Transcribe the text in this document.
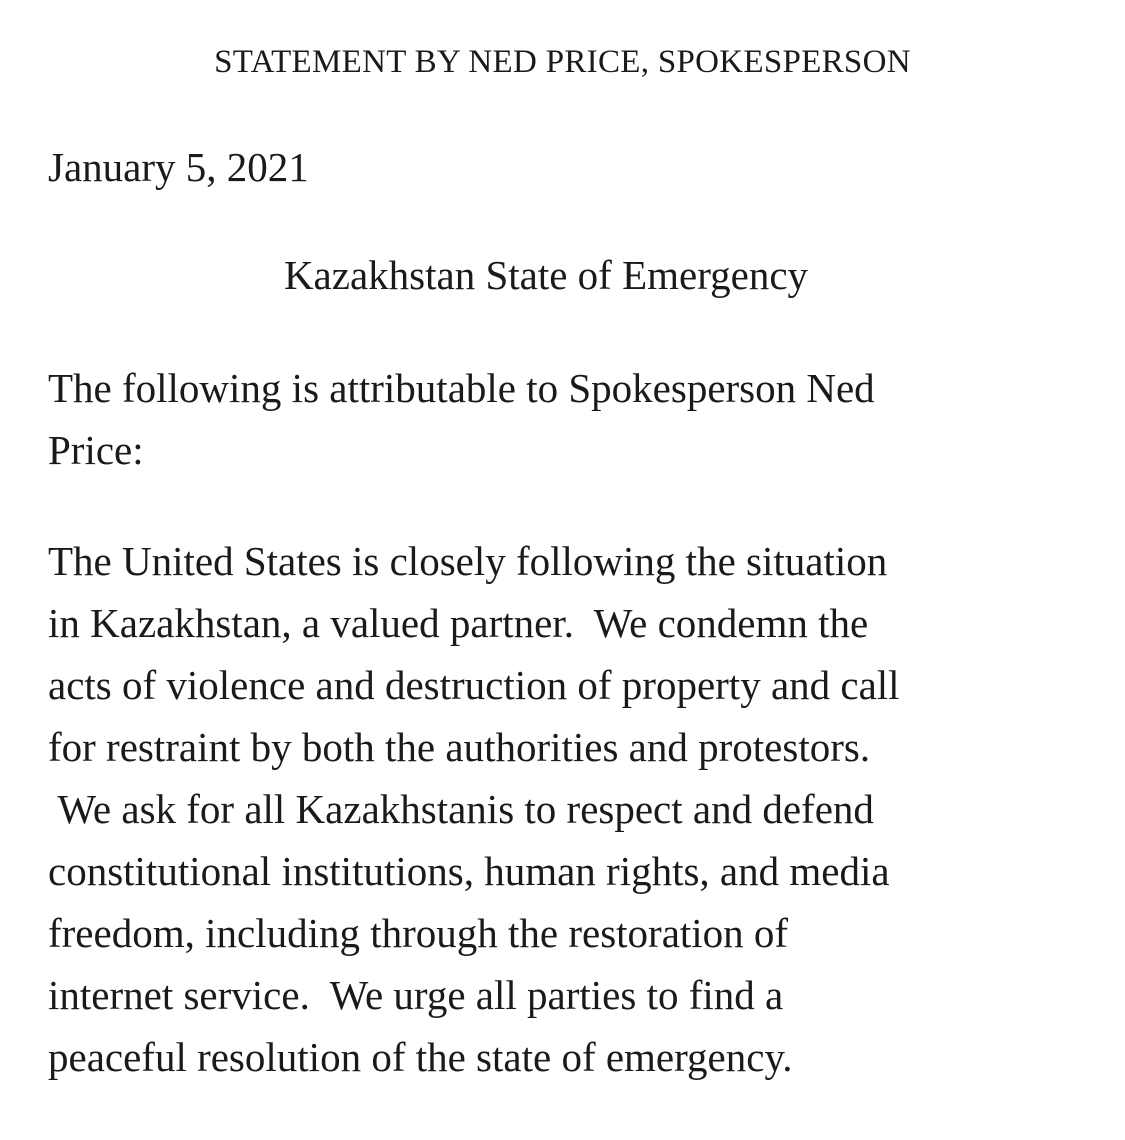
STATEMENT BY NED PRICE, SPOKESPERSON
January 5, 2021
Kazakhstan State of Emergency

The following is attributable to Spokesperson Ned
Price:

The United States is closely following the situation
in Kazakhstan, a valued partner.  We condemn the
acts of violence and destruction of property and call
for restraint by both the authorities and protestors.
We ask for all Kazakhstanis to respect and defend
constitutional institutions, human rights, and media
freedom, including through the restoration of
internet service.  We urge all parties to find a
peaceful resolution of the state of emergency.
